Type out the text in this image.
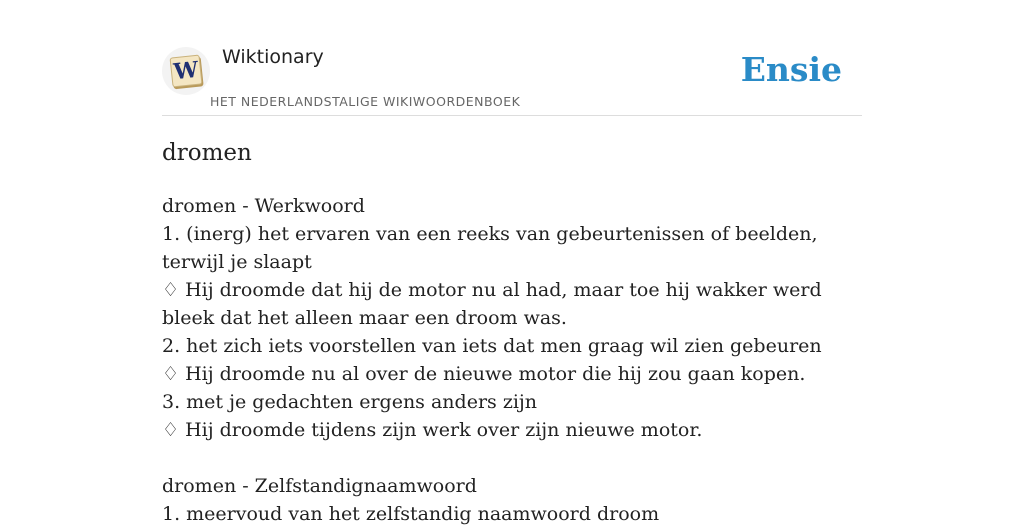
W Wiktionary
HET NEDERLANDSTALIGE WIKIWOORDENBOEK
Ensie
dromen
dromen - Werkwoord
1. (inerg) het ervaren van een reeks van gebeurtenissen of beelden, terwijl je slaapt
♢ Hij droomde dat hij de motor nu al had, maar toe hij wakker werd bleek dat het alleen maar een droom was.
2. het zich iets voorstellen van iets dat men graag wil zien gebeuren
♢ Hij droomde nu al over de nieuwe motor die hij zou gaan kopen.
3. met je gedachten ergens anders zijn
♢ Hij droomde tijdens zijn werk over zijn nieuwe motor.
dromen - Zelfstandignaamwoord
1. meervoud van het zelfstandig naamwoord droom
